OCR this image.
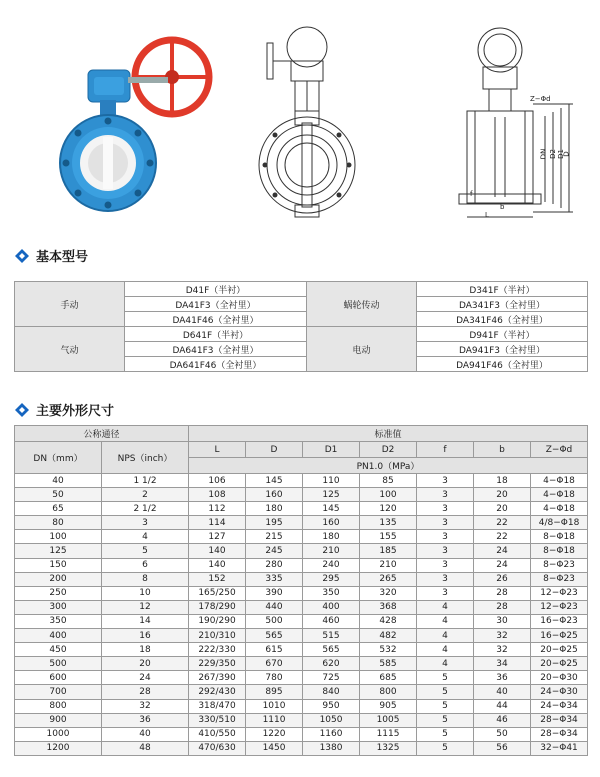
Z−Φd
DN D2 D1
D
f
b
L
基本型号
手动	D41F（半衬）	蜗轮传动	D341F（半衬）
	DA41F3（全衬里）		DA341F3（全衬里）
	DA41F46（全衬里）		DA341F46（全衬里）
气动	D641F（半衬）	电动	D941F（半衬）
	DA641F3（全衬里）		DA941F3（全衬里）
	DA641F46（全衬里）		DA941F46（全衬里）
主要外形尺寸
公称通径		标准值						
DN（mm）	NPS（inch）	L	D	D1	D2	f	b	Z−Φd
		PN1.0（MPa）						
40	1 1/2	106	145	110	85	3	18	4−Φ18
50	2	108	160	125	100	3	20	4−Φ18
65	2 1/2	112	180	145	120	3	20	4−Φ18
80	3	114	195	160	135	3	22	4/8−Φ18
100	4	127	215	180	155	3	22	8−Φ18
125	5	140	245	210	185	3	24	8−Φ18
150	6	140	280	240	210	3	24	8−Φ23
200	8	152	335	295	265	3	26	8−Φ23
250	10	165/250	390	350	320	3	28	12−Φ23
300	12	178/290	440	400	368	4	28	12−Φ23
350	14	190/290	500	460	428	4	30	16−Φ23
400	16	210/310	565	515	482	4	32	16−Φ25
450	18	222/330	615	565	532	4	32	20−Φ25
500	20	229/350	670	620	585	4	34	20−Φ25
600	24	267/390	780	725	685	5	36	20−Φ30
700	28	292/430	895	840	800	5	40	24−Φ30
800	32	318/470	1010	950	905	5	44	24−Φ34
900	36	330/510	1110	1050	1005	5	46	28−Φ34
1000	40	410/550	1220	1160	1115	5	50	28−Φ34
1200	48	470/630	1450	1380	1325	5	56	32−Φ41
